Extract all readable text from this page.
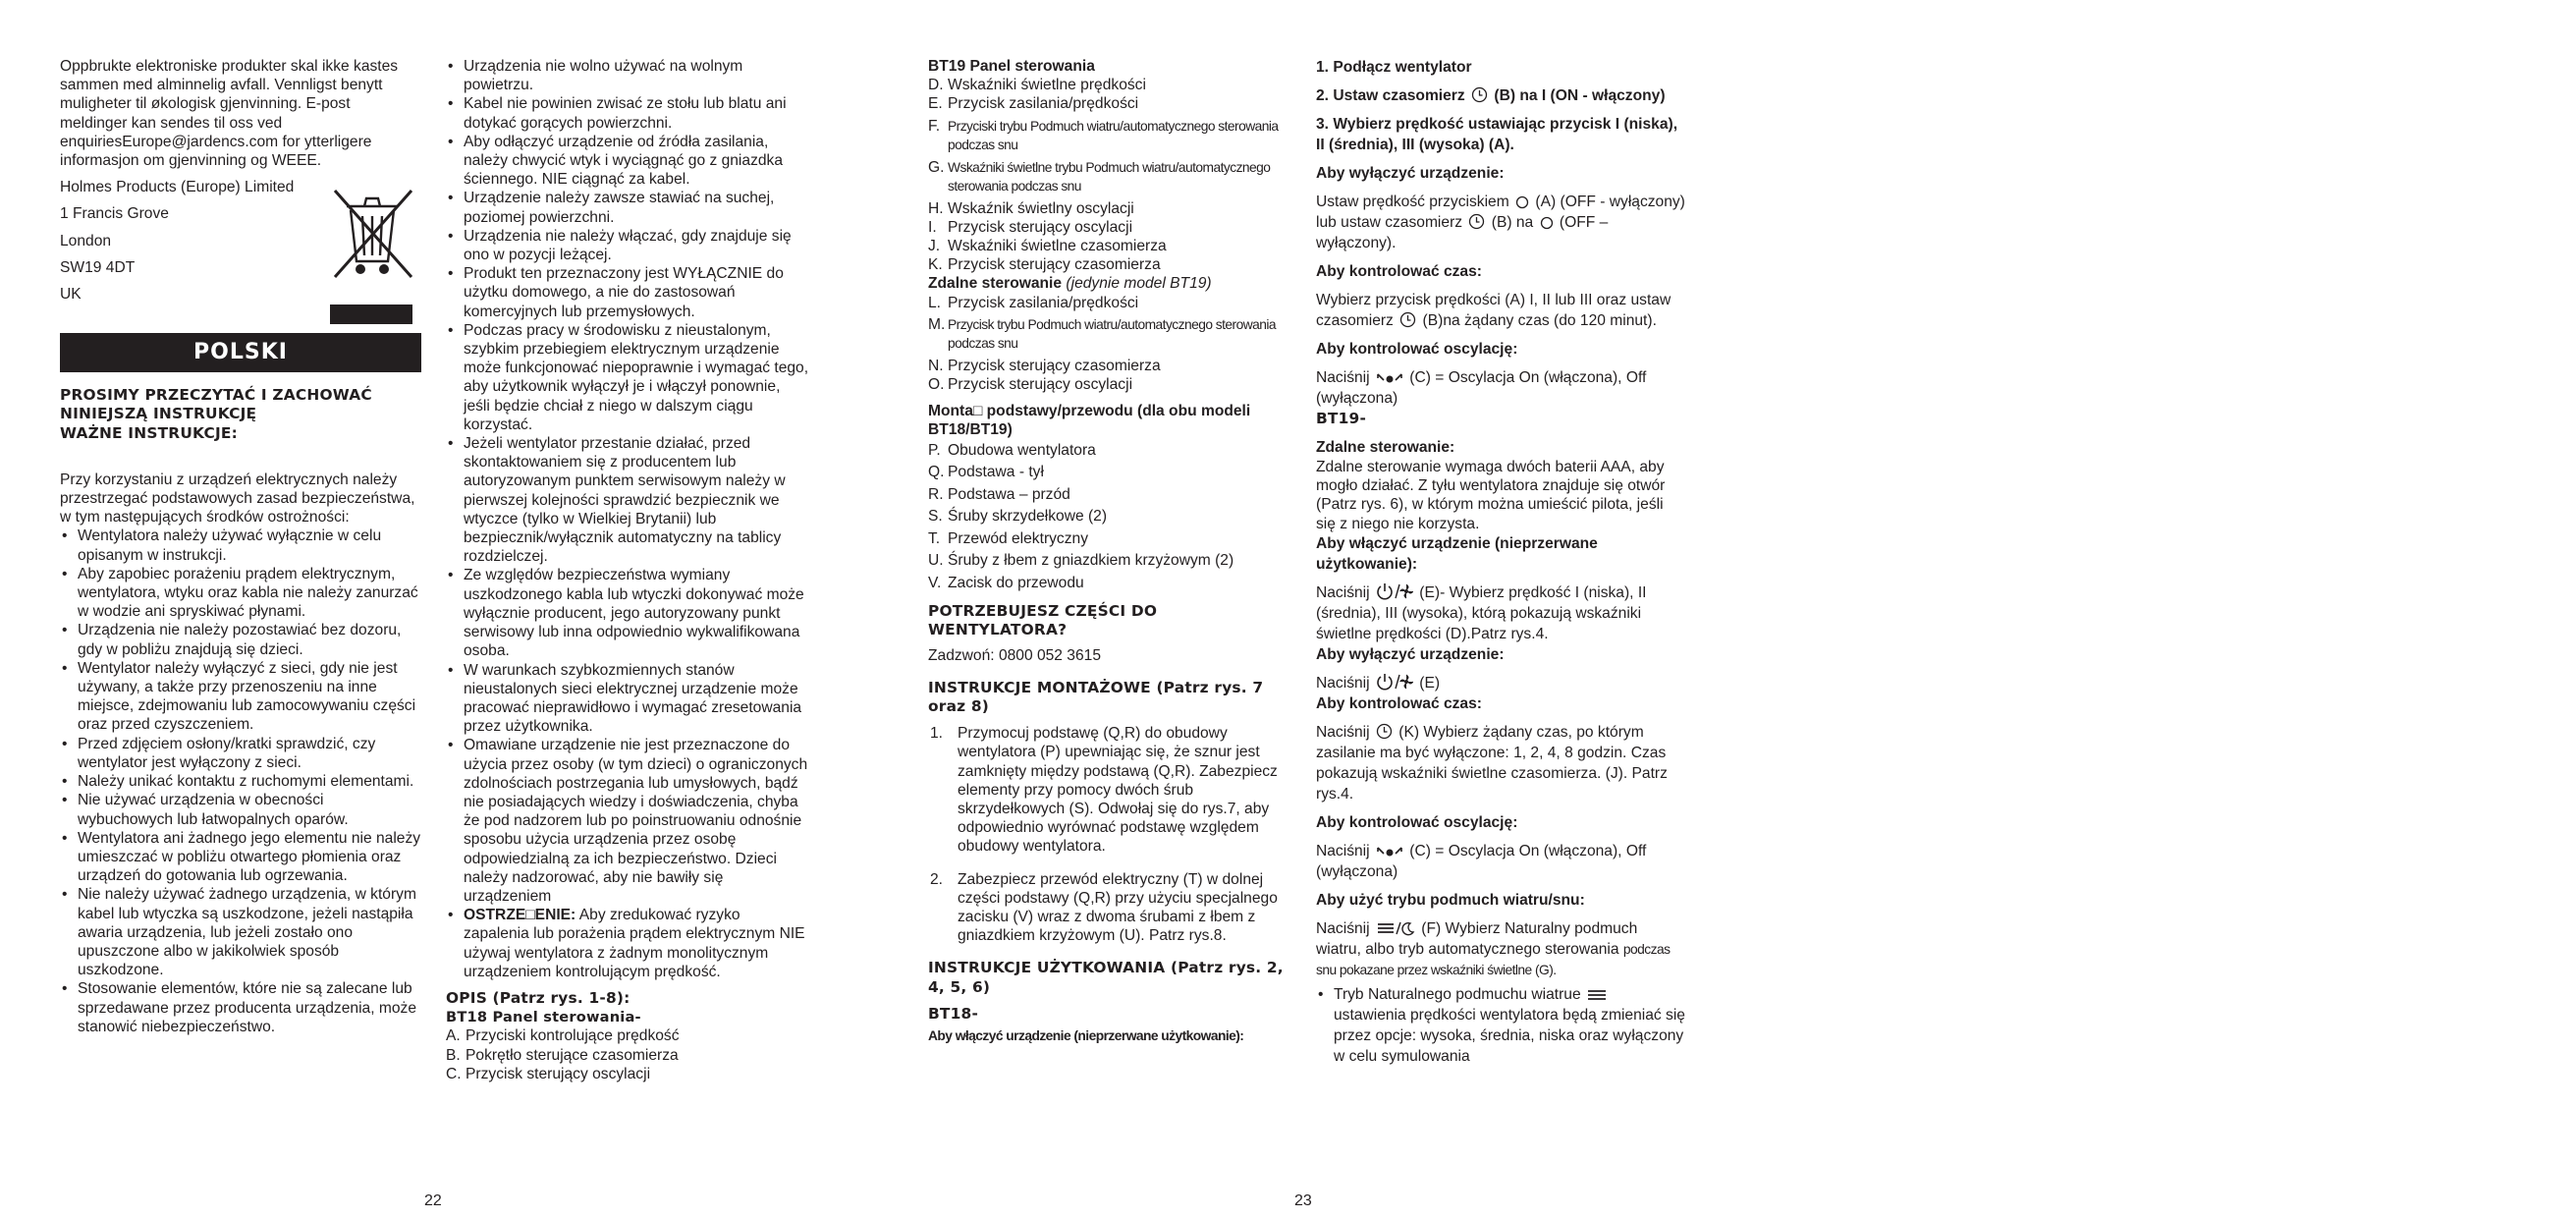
Oppbrukte elektroniske produkter skal ikke kastes sammen med alminnelig avfall. Vennligst benytt muligheter til økologisk gjenvinning. E-post meldinger kan sendes til oss ved enquiriesEurope@jardencs.com for ytterligere informasjon om gjenvinning og WEEE.

Holmes Products (Europe) Limited

1 Francis Grove

London

SW19 4DT

UK

POLSKI

PROSIMY PRZECZYTAĆ I ZACHOWAĆ NINIEJSZĄ INSTRUKCJĘ

WAŻNE INSTRUKCJE:

Przy korzystaniu z urządzeń elektrycznych należy przestrzegać podstawowych zasad bezpieczeństwa, w tym następujących środków ostrożności:

• Wentylatora należy używać wyłącznie w celu opisanym w instrukcji.
• Aby zapobiec porażeniu prądem elektrycznym, wentylatora, wtyku oraz kabla nie należy zanurzać w wodzie ani spryskiwać płynami.
• Urządzenia nie należy pozostawiać bez dozoru, gdy w pobliżu znajdują się dzieci.
• Wentylator należy wyłączyć z sieci, gdy nie jest używany, a także przy przenoszeniu na inne miejsce, zdejmowaniu lub zamocowywaniu części oraz przed czyszczeniem.
• Przed zdjęciem osłony/kratki sprawdzić, czy wentylator jest wyłączony z sieci.
• Należy unikać kontaktu z ruchomymi elementami.
• Nie używać urządzenia w obecności wybuchowych lub łatwopalnych oparów.
• Wentylatora ani żadnego jego elementu nie należy umieszczać w pobliżu otwartego płomienia oraz urządzeń do gotowania lub ogrzewania.
• Nie należy używać żadnego urządzenia, w którym kabel lub wtyczka są uszkodzone, jeżeli nastąpiła awaria urządzenia, lub jeżeli zostało ono upuszczone albo w jakikolwiek sposób uszkodzone.
• Stosowanie elementów, które nie są zalecane lub sprzedawane przez producenta urządzenia, może stanowić niebezpieczeństwo.
• Urządzenia nie wolno używać na wolnym powietrzu.
• Kabel nie powinien zwisać ze stołu lub blatu ani dotykać gorących powierzchni.
• Aby odłączyć urządzenie od źródła zasilania, należy chwycić wtyk i wyciągnąć go z gniazdka ściennego. NIE ciągnąć za kabel.
• Urządzenie należy zawsze stawiać na suchej, poziomej powierzchni.
• Urządzenia nie należy włączać, gdy znajduje się ono w pozycji leżącej.
• Produkt ten przeznaczony jest WYŁĄCZNIE do użytku domowego, a nie do zastosowań komercyjnych lub przemysłowych.
• Podczas pracy w środowisku z nieustalonym, szybkim przebiegiem elektrycznym urządzenie może funkcjonować niepoprawnie i wymagać tego, aby użytkownik wyłączył je i włączył ponownie, jeśli będzie chciał z niego w dalszym ciągu korzystać.
• Jeżeli wentylator przestanie działać, przed skontaktowaniem się z producentem lub autoryzowanym punktem serwisowym należy w pierwszej kolejności sprawdzić bezpiecznik we wtyczce (tylko w Wielkiej Brytanii) lub bezpiecznik/wyłącznik automatyczny na tablicy rozdzielczej.
• Ze względów bezpieczeństwa wymiany uszkodzonego kabla lub wtyczki dokonywać może wyłącznie producent, jego autoryzowany punkt serwisowy lub inna odpowiednio wykwalifikowana osoba.
• W warunkach szybkozmiennych stanów nieustalonych sieci elektrycznej urządzenie może pracować nieprawidłowo i wymagać zresetowania przez użytkownika.
• Omawiane urządzenie nie jest przeznaczone do użycia przez osoby (w tym dzieci) o ograniczonych zdolnościach postrzegania lub umysłowych, bądź nie posiadających wiedzy i doświadczenia, chyba że pod nadzorem lub po poinstruowaniu odnośnie sposobu użycia urządzenia przez osobę odpowiedzialną za ich bezpieczeństwo. Dzieci należy nadzorować, aby nie bawiły się urządzeniem
• OSTRZE□ENIE: Aby zredukować ryzyko zapalenia lub porażenia prądem elektrycznym NIE używaj wentylatora z żadnym monolitycznym urządzeniem kontrolującym prędkość.

OPIS (Patrz rys. 1-8):

BT18 Panel sterowania-

A. Przyciski kontrolujące prędkość
B. Pokrętło sterujące czasomierza
C. Przycisk sterujący oscylacji
22

BT19 Panel sterowania

D. Wskaźniki świetlne prędkości
E. Przycisk zasilania/prędkości
F. Przyciski trybu Podmuch wiatru/automatycznego sterowania podczas snu
G. Wskaźniki świetlne trybu Podmuch wiatru/automatycznego sterowania podczas snu
H. Wskaźnik świetlny oscylacji
I. Przycisk sterujący oscylacji
J. Wskaźniki świetlne czasomierza
K. Przycisk sterujący czasomierza

Zdalne sterowanie (jedynie model BT19)

L. Przycisk zasilania/prędkości
M. Przycisk trybu Podmuch wiatru/automatycznego sterowania podczas snu
N. Przycisk sterujący czasomierza
O. Przycisk sterujący oscylacji

Monta□ podstawy/przewodu (dla obu modeli BT18/BT19)

P. Obudowa wentylatora
Q. Podstawa - tył
R. Podstawa – przód
S. Śruby skrzydełkowe (2)
T. Przewód elektryczny
U. Śruby z łbem z gniazdkiem krzyżowym (2)
V. Zacisk do przewodu

POTRZEBUJESZ CZĘŚCI DO WENTYLATORA?

Zadzwoń: 0800 052 3615

INSTRUKCJE MONTAŻOWE (Patrz rys. 7 oraz 8)

1. Przymocuj podstawę (Q,R) do obudowy wentylatora (P) upewniając się, że sznur jest zamknięty między podstawą (Q,R). Zabezpiecz elementy przy pomocy dwóch śrub skrzydełkowych (S). Odwołaj się do rys.7, aby odpowiednio wyrównać podstawę względem obudowy wentylatora.
2. Zabezpiecz przewód elektryczny (T) w dolnej części podstawy (Q,R) przy użyciu specjalnego zacisku (V) wraz z dwoma śrubami z łbem z gniazdkiem krzyżowym (U). Patrz rys.8.

INSTRUKCJE UŻYTKOWANIA (Patrz rys. 2, 4, 5, 6)

BT18-

Aby włączyć urządzenie (nieprzerwane użytkowanie):

23

1. Podłącz wentylator

2. Ustaw czasomierz (B) na I (ON - włączony)

3. Wybierz prędkość ustawiając przycisk I (niska), II (średnia), III (wysoka) (A).

Aby wyłączyć urządzenie:

Ustaw prędkość przyciskiem (A) (OFF - wyłączony) lub ustaw czasomierz (B) na (OFF – wyłączony).

Aby kontrolować czas:

Wybierz przycisk prędkości (A) I, II lub III oraz ustaw czasomierz (B)na żądany czas (do 120 minut).

Aby kontrolować oscylację:

Naciśnij	(C) = Oscylacja On (włączona), Off (wyłączona)

BT19-

Zdalne sterowanie:

Zdalne sterowanie wymaga dwóch baterii AAA, aby mogło działać. Z tyłu wentylatora znajduje się otwór (Patrz rys. 6), w którym można umieścić pilota, jeśli się z niego nie korzysta.

Aby włączyć urządzenie (nieprzerwane użytkowanie):

Naciśnij	(E)- Wybierz prędkość I (niska), II (średnia), III (wysoka), którą pokazują wskaźniki świetlne prędkości (D).Patrz rys.4.

Aby wyłączyć urządzenie:

Naciśnij	(E)

Aby kontrolować czas:

Naciśnij (K) Wybierz żądany czas, po którym zasilanie ma być wyłączone: 1, 2, 4, 8 godzin. Czas pokazują wskaźniki świetlne czasomierza. (J). Patrz rys.4.

Aby kontrolować oscylację:

Naciśnij	(C) = Oscylacja On (włączona), Off (wyłączona)

Aby użyć trybu podmuch wiatru/snu:

Naciśnij	(F) Wybierz Naturalny podmuch wiatru, albo tryb automatycznego sterowania podczas snu pokazane przez wskaźniki świetlne (G).

• Tryb Naturalnego podmuchu wiatrue  ustawienia prędkości wentylatora będą zmieniać się przez opcje: wysoka, średnia, niska oraz wyłączony w celu symulowania
